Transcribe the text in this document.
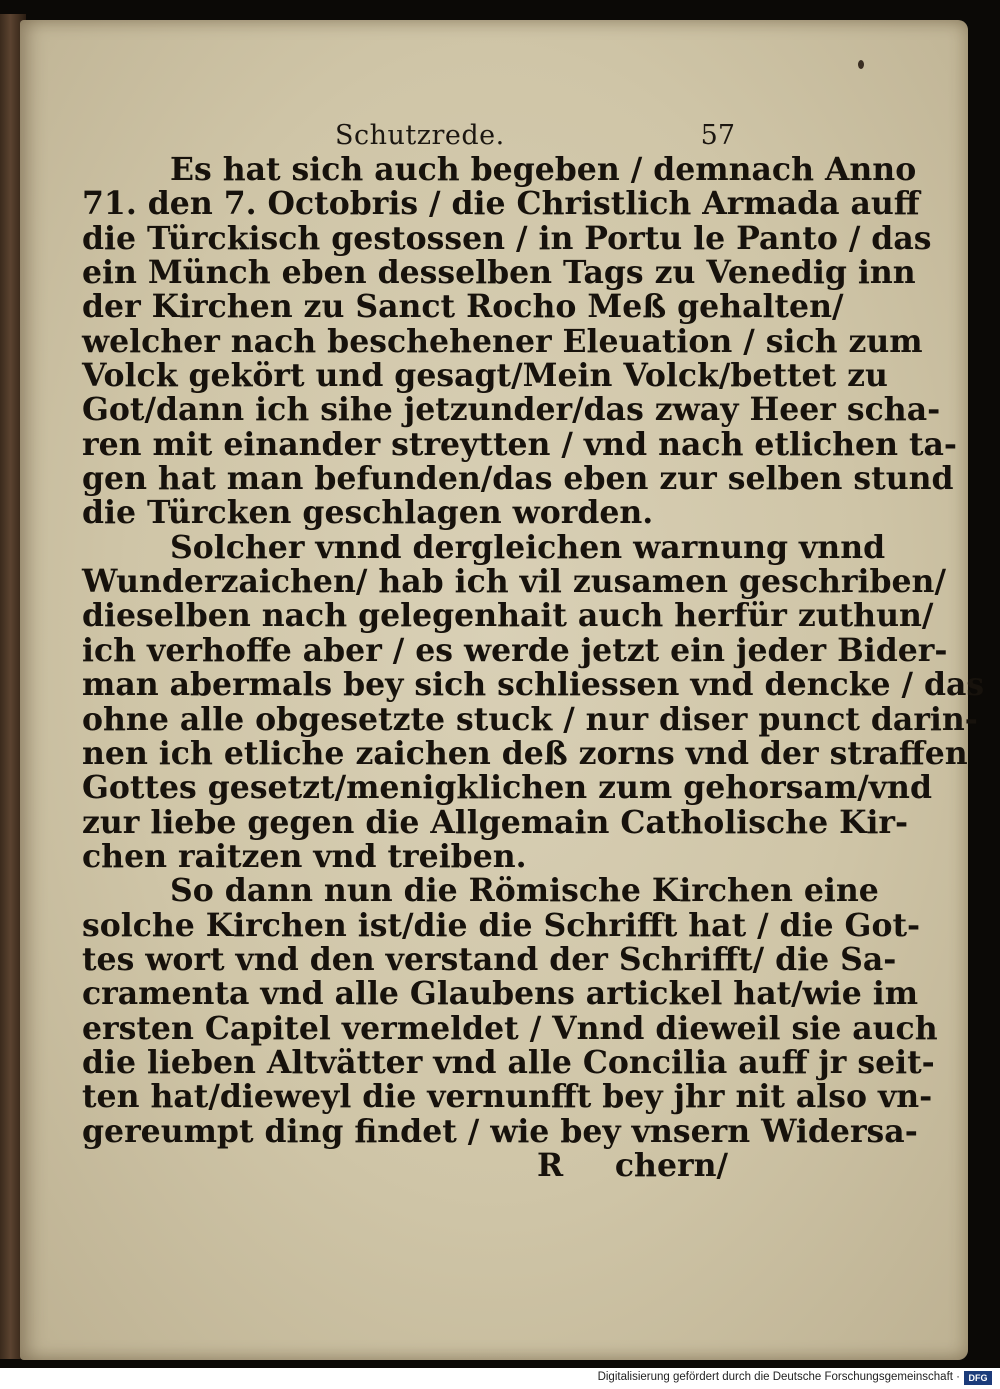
Schutzrede.	57
Es hat sich auch begeben / demnach Anno
71. den 7. Octobris / die Christlich Armada auff
die Türckisch gestossen / in Portu le Panto / das
ein Münch eben desselben Tags zu Venedig inn
der Kirchen zu Sanct Rocho Meß gehalten/
welcher nach beschehener Eleuation / sich zum
Volck gekört und gesagt/Mein Volck/bettet zu
Got/dann ich sihe jetzunder/das zway Heer scha-
ren mit einander streytten / vnd nach etlichen ta-
gen hat man befunden/das eben zur selben stund
die Türcken geschlagen worden.
Solcher vnnd dergleichen warnung vnnd
Wunderzaichen/ hab ich vil zusamen geschriben/
dieselben nach gelegenhait auch herfür zuthun/
ich verhoffe aber / es werde jetzt ein jeder Bider-
man abermals bey sich schliessen vnd dencke / das
ohne alle obgesetzte stuck / nur diser punct darin-
nen ich etliche zaichen deß zorns vnd der straffen
Gottes gesetzt/menigklichen zum gehorsam/vnd
zur liebe gegen die Allgemain Catholische Kir-
chen raitzen vnd treiben.
So dann nun die Römische Kirchen eine
solche Kirchen ist/die die Schrifft hat / die Got-
tes wort vnd den verstand der Schrifft/ die Sa-
cramenta vnd alle Glaubens artickel hat/wie im
ersten Capitel vermeldet / Vnnd dieweil sie auch
die lieben Altvätter vnd alle Concilia auff jr seit-
ten hat/dieweyl die vernunfft bey jhr nit also vn-
gereumpt ding findet / wie bey vnsern Widersa-
R chern/
Digitalisierung gefördert durch die Deutsche Forschungsgemeinschaft · DFG
